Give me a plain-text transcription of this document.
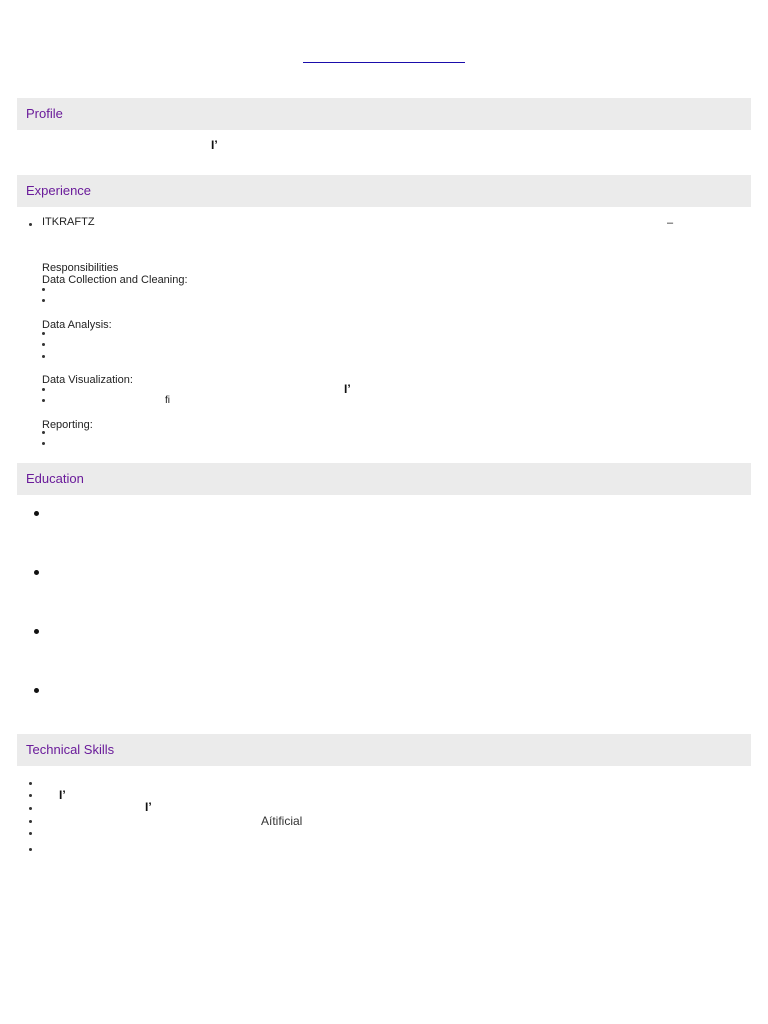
Profile
I’
Experience
ITKRAFTZ	–
Responsibilities
Data Collection and Cleaning:
Data Analysis:
Data Visualization:
I’
fi
Reporting:
Education
Technical Skills
I’
I’
Aítificial
